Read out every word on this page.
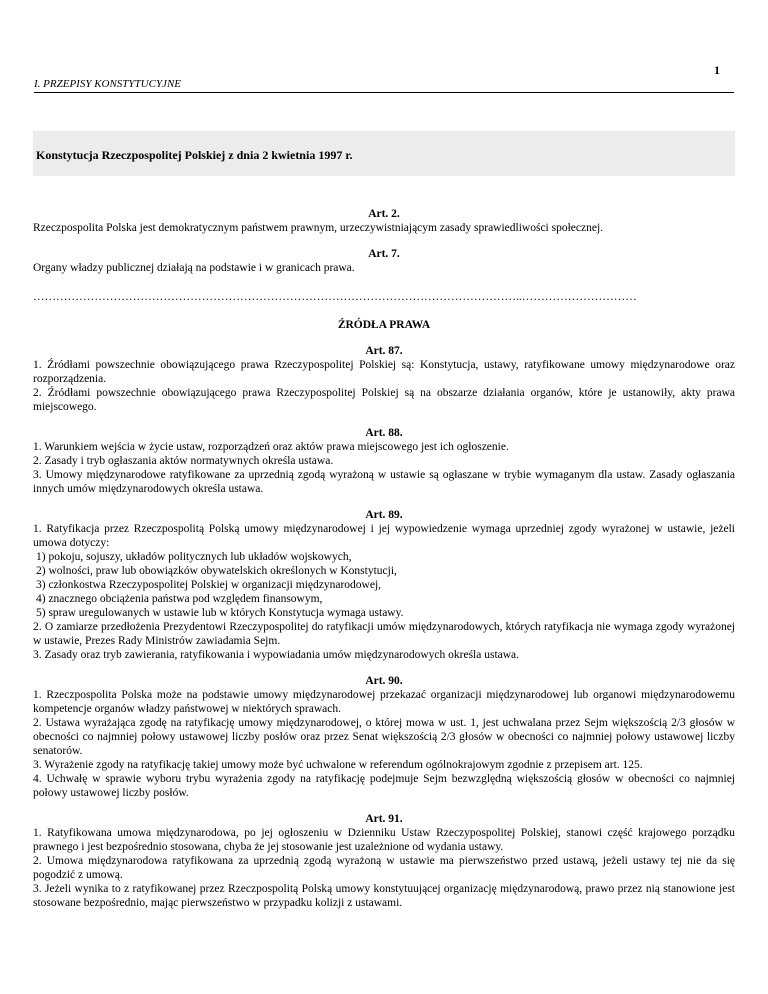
1
I. PRZEPISY KONSTYTUCYJNE
Konstytucja Rzeczpospolitej Polskiej z dnia 2 kwietnia 1997 r.
Art. 2.

Rzeczpospolita Polska jest demokratycznym państwem prawnym, urzeczywistniającym zasady sprawiedliwości społecznej.

Art. 7.

Organy władzy publicznej działają na podstawie i w granicach prawa.

………………………………………………………………………………………………………………..…………………………
ŹRÓDŁA PRAWA
Art. 87.

1. Źródłami powszechnie obowiązującego prawa Rzeczypospolitej Polskiej są: Konstytucja, ustawy, ratyfikowane umowy międzynarodowe oraz rozporządzenia.

2. Źródłami powszechnie obowiązującego prawa Rzeczypospolitej Polskiej są na obszarze działania organów, które je ustanowiły, akty prawa miejscowego.

Art. 88.

1. Warunkiem wejścia w życie ustaw, rozporządzeń oraz aktów prawa miejscowego jest ich ogłoszenie.

2. Zasady i tryb ogłaszania aktów normatywnych określa ustawa.

3. Umowy międzynarodowe ratyfikowane za uprzednią zgodą wyrażoną w ustawie są ogłaszane w trybie wymaganym dla ustaw. Zasady ogłaszania innych umów międzynarodowych określa ustawa.

Art. 89.

1. Ratyfikacja przez Rzeczpospolitą Polską umowy międzynarodowej i jej wypowiedzenie wymaga uprzedniej zgody wyrażonej w ustawie, jeżeli umowa dotyczy:

1) pokoju, sojuszy, układów politycznych lub układów wojskowych,
2) wolności, praw lub obowiązków obywatelskich określonych w Konstytucji,
3) członkostwa Rzeczypospolitej Polskiej w organizacji międzynarodowej,
4) znacznego obciążenia państwa pod względem finansowym,
5) spraw uregulowanych w ustawie lub w których Konstytucja wymaga ustawy.

2. O zamiarze przedłożenia Prezydentowi Rzeczypospolitej do ratyfikacji umów międzynarodowych, których ratyfikacja nie wymaga zgody wyrażonej w ustawie, Prezes Rady Ministrów zawiadamia Sejm.

3. Zasady oraz tryb zawierania, ratyfikowania i wypowiadania umów międzynarodowych określa ustawa.

Art. 90.

1. Rzeczpospolita Polska może na podstawie umowy międzynarodowej przekazać organizacji międzynarodowej lub organowi międzynarodowemu kompetencje organów władzy państwowej w niektórych sprawach.

2. Ustawa wyrażająca zgodę na ratyfikację umowy międzynarodowej, o której mowa w ust. 1, jest uchwalana przez Sejm większością 2/3 głosów w obecności co najmniej połowy ustawowej liczby posłów oraz przez Senat większością 2/3 głosów w obecności co najmniej połowy ustawowej liczby senatorów.

3. Wyrażenie zgody na ratyfikację takiej umowy może być uchwalone w referendum ogólnokrajowym zgodnie z przepisem art. 125.

4. Uchwałę w sprawie wyboru trybu wyrażenia zgody na ratyfikację podejmuje Sejm bezwzględną większością głosów w obecności co najmniej połowy ustawowej liczby posłów.

Art. 91.

1. Ratyfikowana umowa międzynarodowa, po jej ogłoszeniu w Dzienniku Ustaw Rzeczypospolitej Polskiej, stanowi część krajowego porządku prawnego i jest bezpośrednio stosowana, chyba że jej stosowanie jest uzależnione od wydania ustawy.

2. Umowa międzynarodowa ratyfikowana za uprzednią zgodą wyrażoną w ustawie ma pierwszeństwo przed ustawą, jeżeli ustawy tej nie da się pogodzić z umową.

3. Jeżeli wynika to z ratyfikowanej przez Rzeczpospolitą Polską umowy konstytuującej organizację międzynarodową, prawo przez nią stanowione jest stosowane bezpośrednio, mając pierwszeństwo w przypadku kolizji z ustawami.
